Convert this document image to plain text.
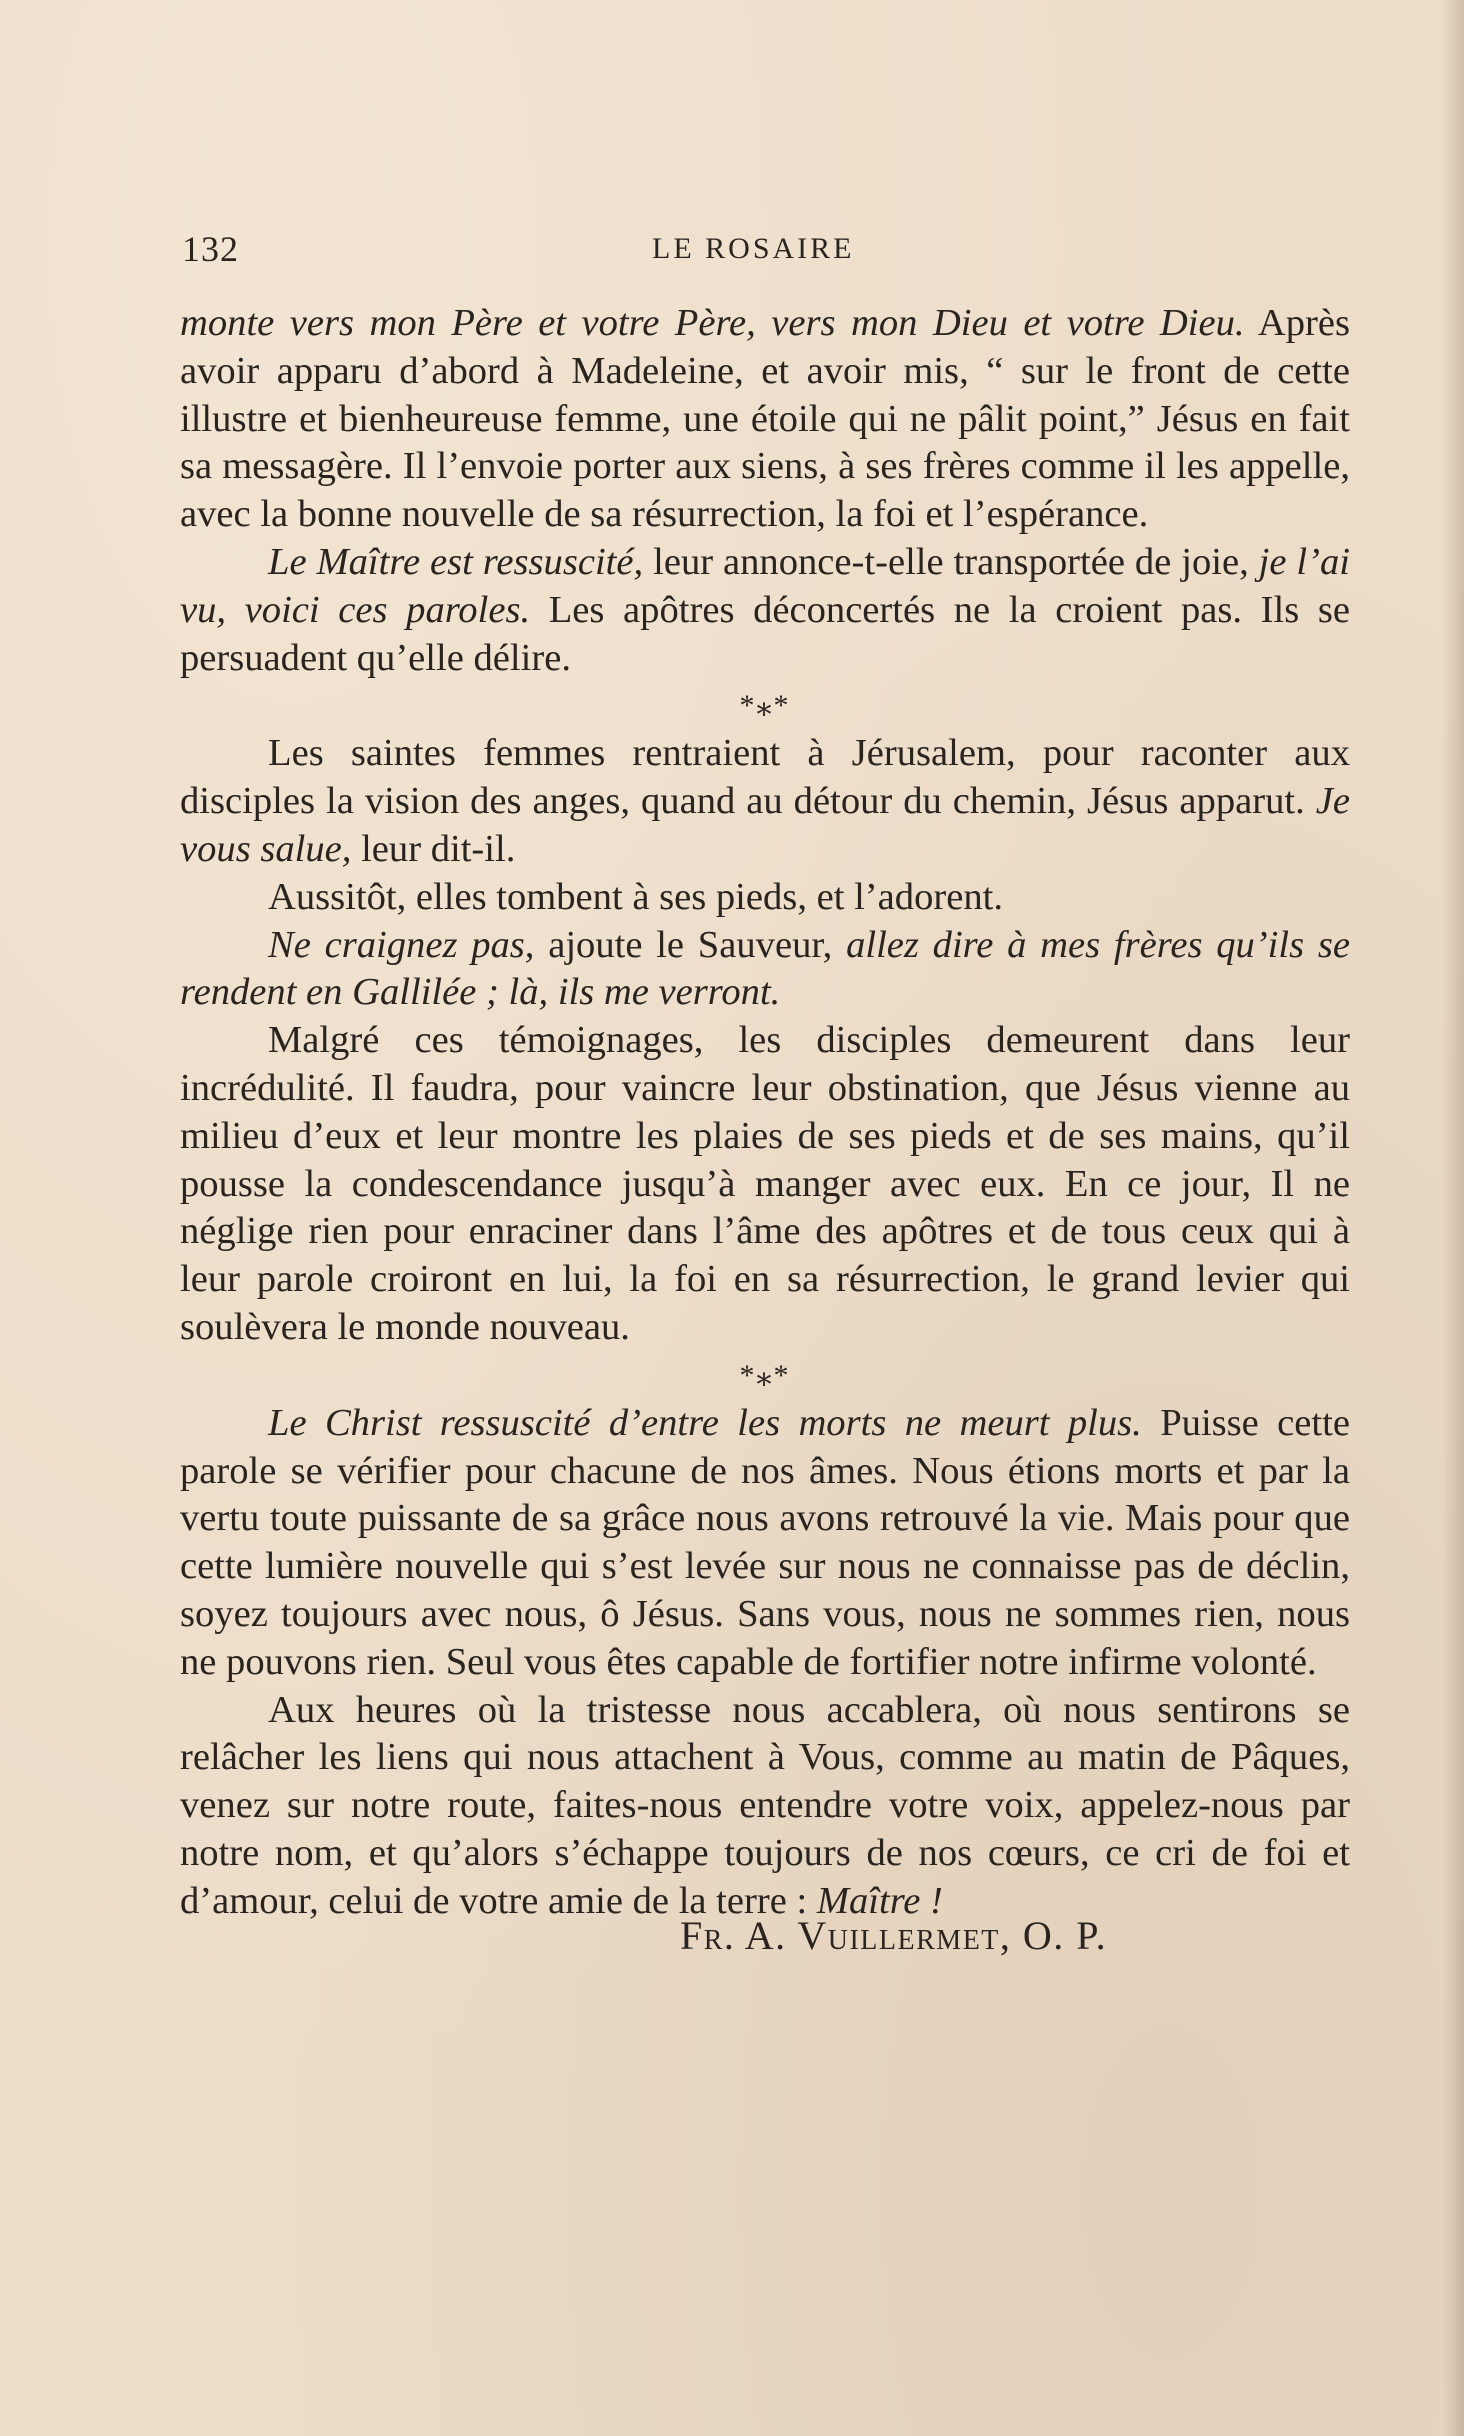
132	LE ROSAIRE

monte vers mon Père et votre Père, vers mon Dieu et votre Dieu. Après avoir apparu d’abord à Madeleine, et avoir mis, “ sur le front de cette illustre et bienheureuse femme, une étoile qui ne pâlit point,” Jésus en fait sa messagère. Il l’envoie porter aux siens, à ses frères comme il les appelle, avec la bonne nouvelle de sa résurrection, la foi et l’espérance.

Le Maître est ressuscité, leur annonce-t-elle transportée de joie, je l’ai vu, voici ces paroles. Les apôtres déconcertés ne la croient pas. Ils se persuadent qu’elle délire.

*⁎*

Les saintes femmes rentraient à Jérusalem, pour raconter aux disciples la vision des anges, quand au détour du chemin, Jésus apparut. Je vous salue, leur dit-il.

Aussitôt, elles tombent à ses pieds, et l’adorent.

Ne craignez pas, ajoute le Sauveur, allez dire à mes frères qu’ils se rendent en Gallilée ; là, ils me verront.

Malgré ces témoignages, les disciples demeurent dans leur incrédulité. Il faudra, pour vaincre leur obstination, que Jésus vienne au milieu d’eux et leur montre les plaies de ses pieds et de ses mains, qu’il pousse la condescendance jusqu’à manger avec eux. En ce jour, Il ne néglige rien pour enraciner dans l’âme des apôtres et de tous ceux qui à leur parole croiront en lui, la foi en sa résurrection, le grand levier qui soulèvera le monde nouveau.

*⁎*

Le Christ ressuscité d’entre les morts ne meurt plus. Puisse cette parole se vérifier pour chacune de nos âmes. Nous étions morts et par la vertu toute puissante de sa grâce nous avons retrouvé la vie. Mais pour que cette lumière nouvelle qui s’est levée sur nous ne connaisse pas de déclin, soyez toujours avec nous, ô Jésus. Sans vous, nous ne sommes rien, nous ne pouvons rien. Seul vous êtes capable de fortifier notre infirme volonté.

Aux heures où la tristesse nous accablera, où nous sentirons se relâcher les liens qui nous attachent à Vous, comme au matin de Pâques, venez sur notre route, faites-nous entendre votre voix, appelez-nous par notre nom, et qu’alors s’échappe toujours de nos cœurs, ce cri de foi et d’amour, celui de votre amie de la terre : Maître !

Fr. A. Vuillermet, O. P.
